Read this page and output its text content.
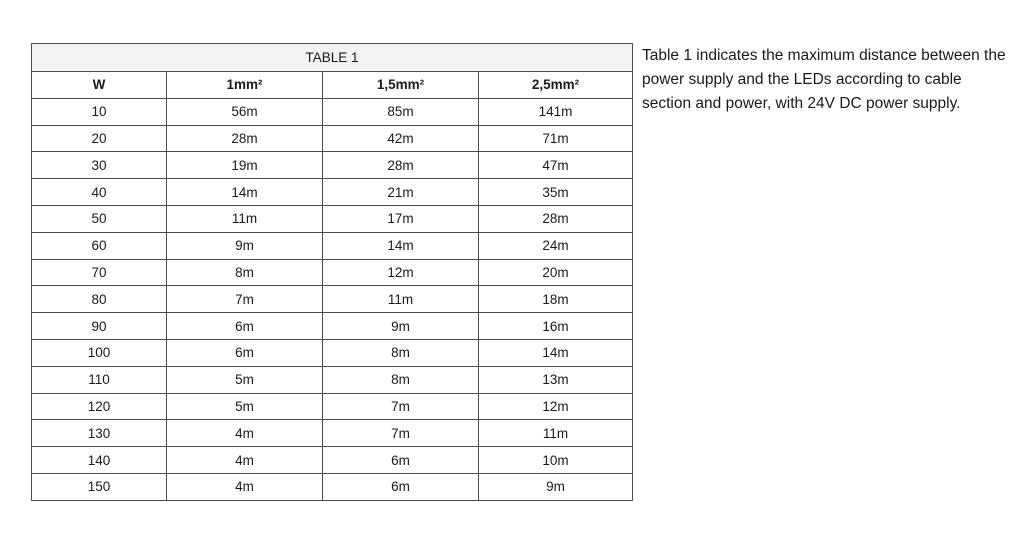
TABLE 1			
W	1mm²	1,5mm²	2,5mm²
10	56m	85m	141m
20	28m	42m	71m
30	19m	28m	47m
40	14m	21m	35m
50	11m	17m	28m
60	9m	14m	24m
70	8m	12m	20m
80	7m	11m	18m
90	6m	9m	16m
100	6m	8m	14m
110	5m	8m	13m
120	5m	7m	12m
130	4m	7m	11m
140	4m	6m	10m
150	4m	6m	9m
Table 1 indicates the maximum distance between the power supply and the LEDs according to cable section and power, with 24V DC power supply.
